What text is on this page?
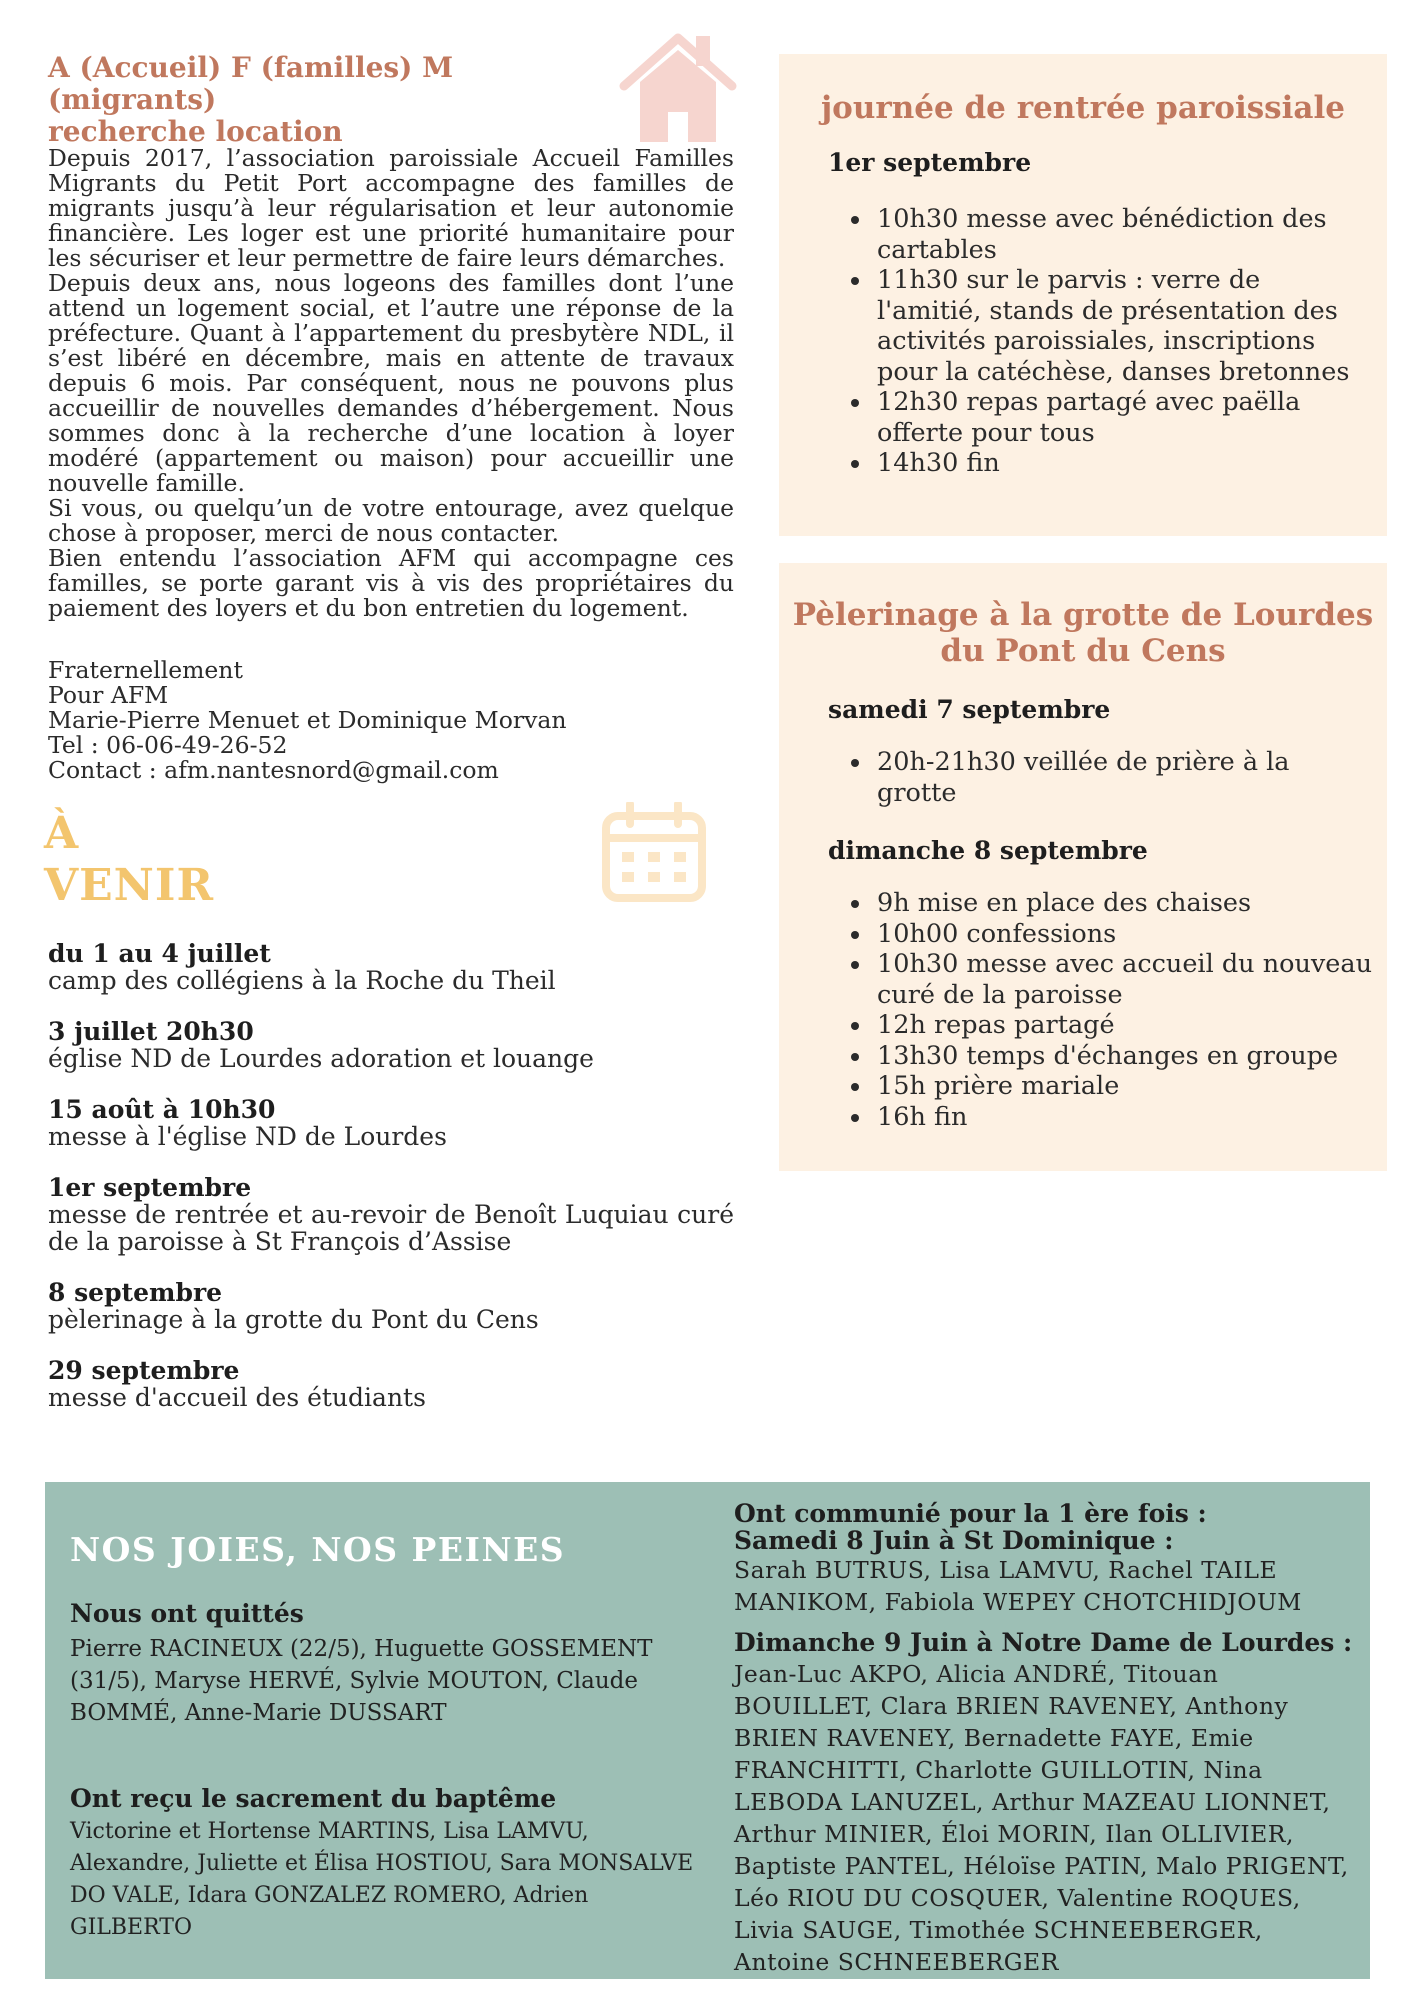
A (Accueil) F (familles) M (migrants)
recherche location

Depuis 2017, l’association paroissiale Accueil Familles Migrants du Petit Port accompagne des familles de migrants jusqu’à leur régularisation et leur autonomie financière. Les loger est une priorité humanitaire pour les sécuriser et leur permettre de faire leurs démarches.

Depuis deux ans, nous logeons des familles dont l’une attend un logement social, et l’autre une réponse de la préfecture. Quant à l’appartement du presbytère NDL, il s’est libéré en décembre, mais en attente de travaux depuis 6 mois. Par conséquent, nous ne pouvons plus accueillir de nouvelles demandes d’hébergement. Nous sommes donc à la recherche d’une location à loyer modéré (appartement ou maison) pour accueillir une nouvelle famille.

Si vous, ou quelqu’un de votre entourage, avez quelque chose à proposer, merci de nous contacter.

Bien entendu l’association AFM qui accompagne ces familles, se porte garant vis à vis des propriétaires du paiement des loyers et du bon entretien du logement.

Fraternellement
Pour AFM
Marie-Pierre Menuet et Dominique Morvan
Tel : 06-06-49-26-52
Contact : afm.nantesnord@gmail.com
À
VENIR
du 1 au 4 juillet
camp des collégiens à la Roche du Theil
3 juillet 20h30
église ND de Lourdes adoration et louange
15 août à 10h30
messe à l'église ND de Lourdes
1er septembre
messe de rentrée et au-revoir de Benoît Luquiau curé de la paroisse à St François d’Assise
8 septembre
pèlerinage à la grotte du Pont du Cens
29 septembre
messe d'accueil des étudiants
journée de rentrée paroissiale
1er septembre
• 10h30 messe avec bénédiction des cartables
• 11h30 sur le parvis : verre de l'amitié, stands de présentation des activités paroissiales, inscriptions pour la catéchèse, danses bretonnes
• 12h30 repas partagé avec paëlla offerte pour tous
• 14h30 fin
Pèlerinage à la grotte de Lourdes
du Pont du Cens
samedi 7 septembre
• 20h-21h30 veillée de prière à la grotte
dimanche 8 septembre
• 9h mise en place des chaises
• 10h00 confessions
• 10h30 messe avec accueil du nouveau curé de la paroisse
• 12h repas partagé
• 13h30 temps d'échanges en groupe
• 15h prière mariale
• 16h fin
NOS JOIES, NOS PEINES
Nous ont quittés
Pierre RACINEUX (22/5), Huguette GOSSEMENT (31/5), Maryse HERVÉ, Sylvie MOUTON, Claude BOMMÉ, Anne-Marie DUSSART
Ont reçu le sacrement du baptême
Victorine et Hortense MARTINS, Lisa LAMVU, Alexandre, Juliette et Élisa HOSTIOU, Sara MONSALVE DO VALE, Idara GONZALEZ ROMERO, Adrien GILBERTO
Ont communié pour la 1 ère fois :
Samedi 8 Juin à St Dominique :
Sarah BUTRUS, Lisa LAMVU, Rachel TAILE MANIKOM, Fabiola WEPEY CHOTCHIDJOUM
Dimanche 9 Juin à Notre Dame de Lourdes :
Jean-Luc AKPO, Alicia ANDRÉ, Titouan BOUILLET, Clara BRIEN RAVENEY, Anthony BRIEN RAVENEY, Bernadette FAYE, Emie FRANCHITTI, Charlotte GUILLOTIN, Nina LEBODA LANUZEL, Arthur MAZEAU LIONNET, Arthur MINIER, Éloi MORIN, Ilan OLLIVIER, Baptiste PANTEL, Héloïse PATIN, Malo PRIGENT, Léo RIOU DU COSQUER, Valentine ROQUES, Livia SAUGE, Timothée SCHNEEBERGER, Antoine SCHNEEBERGER
